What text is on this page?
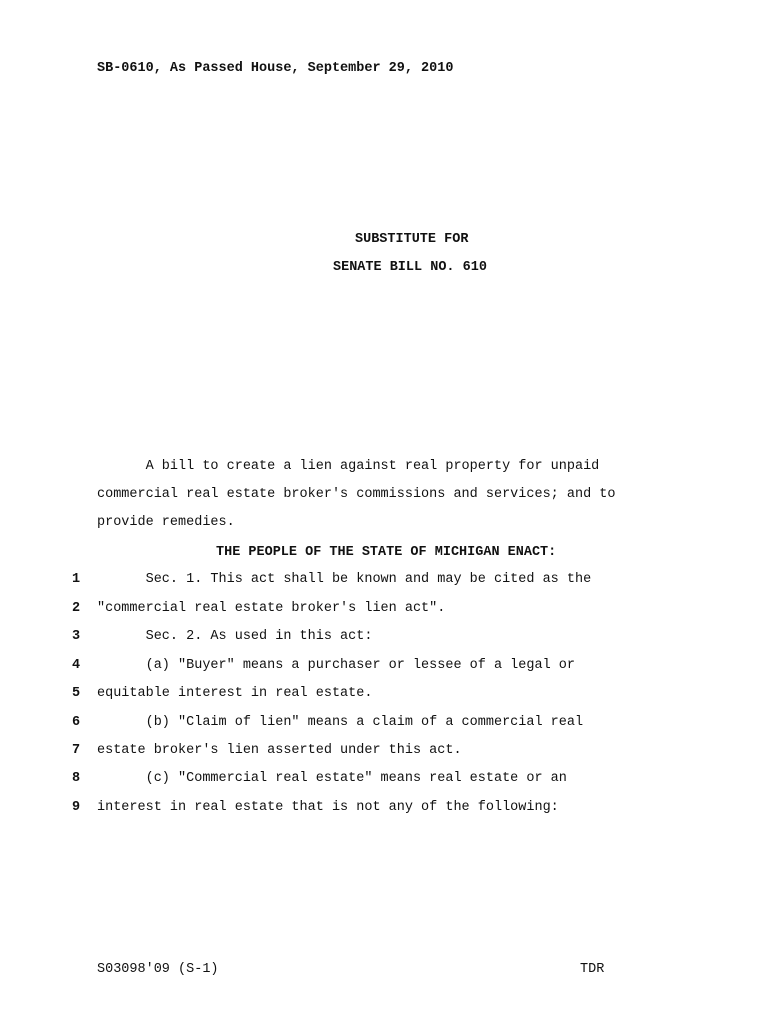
SB-0610, As Passed House, September 29, 2010
SUBSTITUTE FOR
SENATE BILL NO. 610
A bill to create a lien against real property for unpaid
commercial real estate broker's commissions and services; and to
provide remedies.
THE PEOPLE OF THE STATE OF MICHIGAN ENACT:
1 Sec. 1. This act shall be known and may be cited as the
2 "commercial real estate broker's lien act".
3 Sec. 2. As used in this act:
4 (a) "Buyer" means a purchaser or lessee of a legal or
5 equitable interest in real estate.
6 (b) "Claim of lien" means a claim of a commercial real
7 estate broker's lien asserted under this act.
8 (c) "Commercial real estate" means real estate or an
9 interest in real estate that is not any of the following:
S03098'09 (S-1)	TDR
